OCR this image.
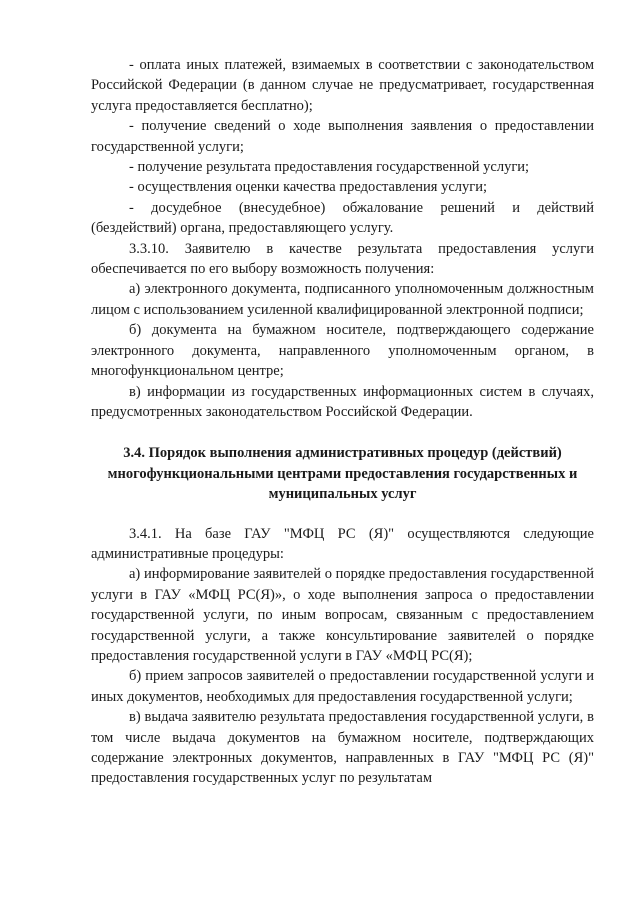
- оплата иных платежей, взимаемых в соответствии с законодательством Российской Федерации (в данном случае не предусматривает, государственная услуга предоставляется бесплатно);

- получение сведений о ходе выполнения заявления о предоставлении государственной услуги;

- получение результата предоставления государственной услуги;

- осуществления оценки качества предоставления услуги;

- досудебное (внесудебное) обжалование решений и действий (бездействий) органа, предоставляющего услугу.

3.3.10. Заявителю в качестве результата предоставления услуги обеспечивается по его выбору возможность получения:

а) электронного документа, подписанного уполномоченным должностным лицом с использованием усиленной квалифицированной электронной подписи;

б) документа на бумажном носителе, подтверждающего содержание электронного документа, направленного уполномоченным органом, в многофункциональном центре;

в) информации из государственных информационных систем в случаях, предусмотренных законодательством Российской Федерации.

3.4. Порядок выполнения административных процедур (действий) многофункциональными центрами предоставления государственных и муниципальных услуг

3.4.1. На базе ГАУ "МФЦ РС (Я)" осуществляются следующие административные процедуры:

а) информирование заявителей о порядке предоставления государственной услуги в ГАУ «МФЦ РС(Я)», о ходе выполнения запроса о предоставлении государственной услуги, по иным вопросам, связанным с предоставлением государственной услуги, а также консультирование заявителей о порядке предоставления государственной услуги в ГАУ «МФЦ РС(Я);

б) прием запросов заявителей о предоставлении государственной услуги и иных документов, необходимых для предоставления государственной услуги;

в) выдача заявителю результата предоставления государственной услуги, в том числе выдача документов на бумажном носителе, подтверждающих содержание электронных документов, направленных в ГАУ "МФЦ РС (Я)" предоставления государственных услуг по результатам
